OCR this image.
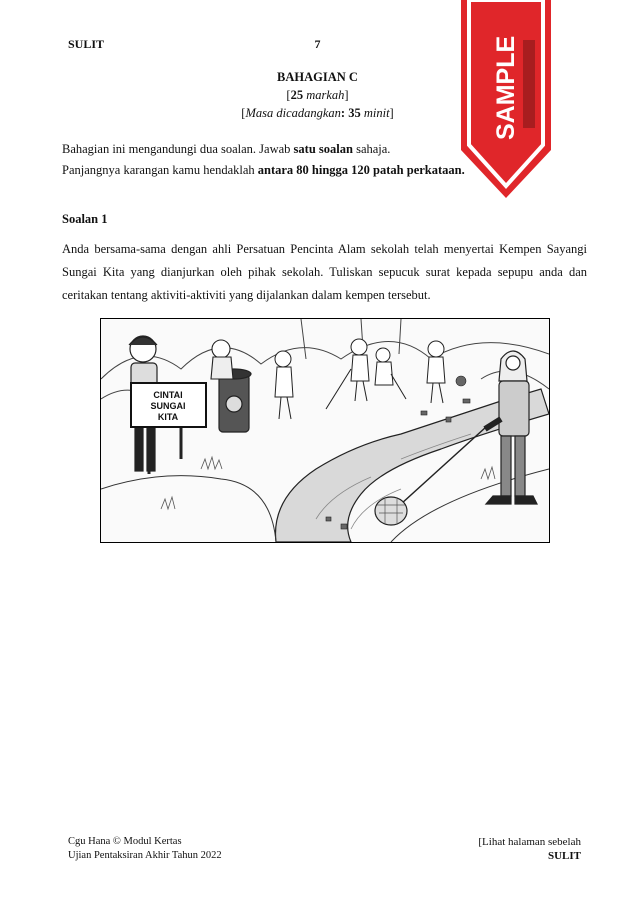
SULIT	7
BAHAGIAN C
[25 markah]
[Masa dicadangkan: 35 minit]
Bahagian ini mengandungi dua soalan. Jawab satu soalan sahaja.
Panjangnya karangan kamu hendaklah antara 80 hingga 120 patah perkataan.
Soalan 1

Anda bersama-sama dengan ahli Persatuan Pencinta Alam sekolah telah menyertai Kempen Sayangi Sungai Kita yang dianjurkan oleh pihak sekolah. Tuliskan sepucuk surat kepada sepupu anda dan ceritakan tentang aktiviti-aktiviti yang dijalankan dalam kempen tersebut.

CINTAI
SUNGAI
KITA
SAMPLE
Cgu Hana © Modul Kertas
Ujian Pentaksiran Akhir Tahun 2022
[Lihat halaman sebelah
SULIT
